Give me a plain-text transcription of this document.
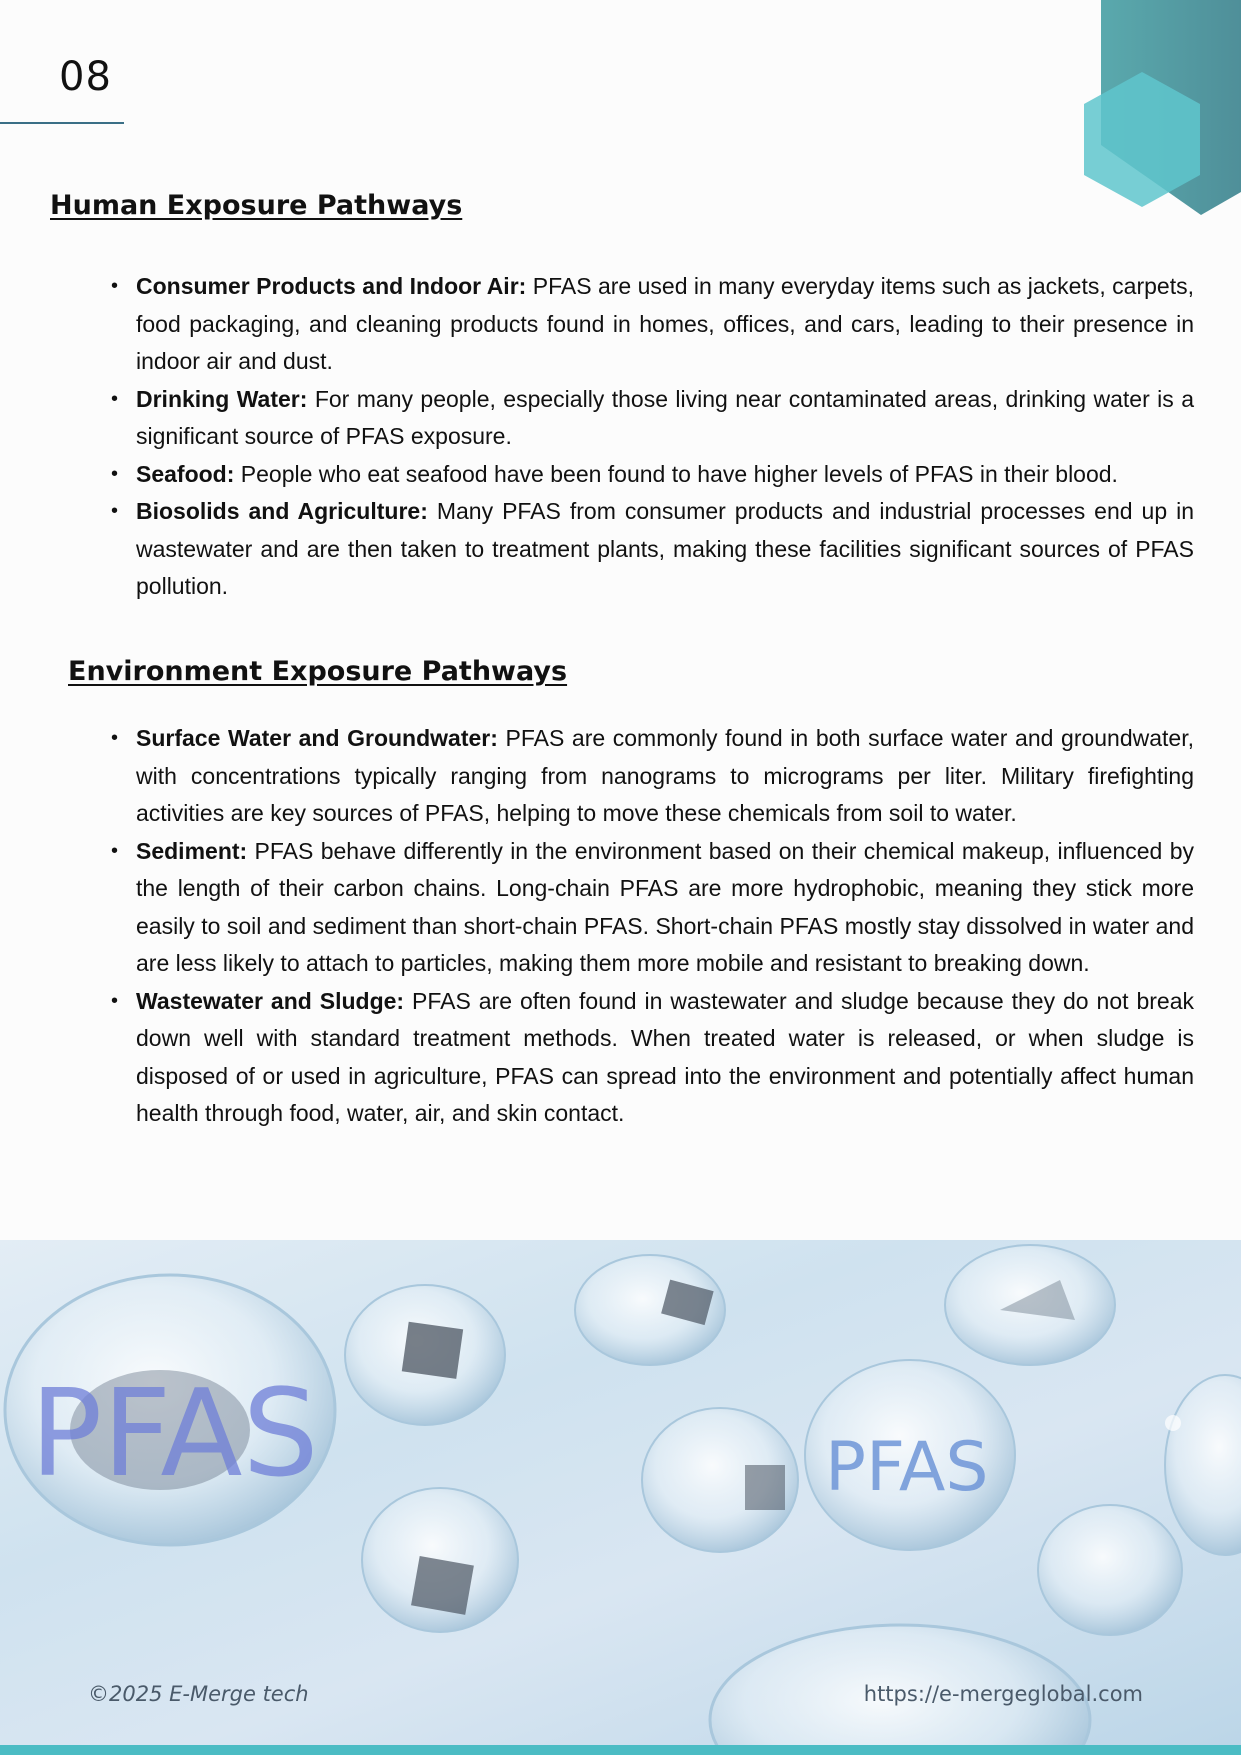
08
Human Exposure Pathways
• Consumer Products and Indoor Air: PFAS are used in many everyday items such as jackets, carpets, food packaging, and cleaning products found in homes, offices, and cars, leading to their presence in indoor air and dust.
• Drinking Water: For many people, especially those living near contaminated areas, drinking water is a significant source of PFAS exposure.
• Seafood: People who eat seafood have been found to have higher levels of PFAS in their blood.
• Biosolids and Agriculture: Many PFAS from consumer products and industrial processes end up in wastewater and are then taken to treatment plants, making these facilities significant sources of PFAS pollution.
Environment Exposure Pathways
• Surface Water and Groundwater: PFAS are commonly found in both surface water and groundwater, with concentrations typically ranging from nanograms to micrograms per liter. Military firefighting activities are key sources of PFAS, helping to move these chemicals from soil to water.
• Sediment: PFAS behave differently in the environment based on their chemical makeup, influenced by the length of their carbon chains. Long-chain PFAS are more hydrophobic, meaning they stick more easily to soil and sediment than short-chain PFAS. Short-chain PFAS mostly stay dissolved in water and are less likely to attach to particles, making them more mobile and resistant to breaking down.
• Wastewater and Sludge: PFAS are often found in wastewater and sludge because they do not break down well with standard treatment methods. When treated water is released, or when sludge is disposed of or used in agriculture, PFAS can spread into the environment and potentially affect human health through food, water, air, and skin contact.
PFAS	PFAS
©2025 E-Merge tech	https://e-mergeglobal.com
